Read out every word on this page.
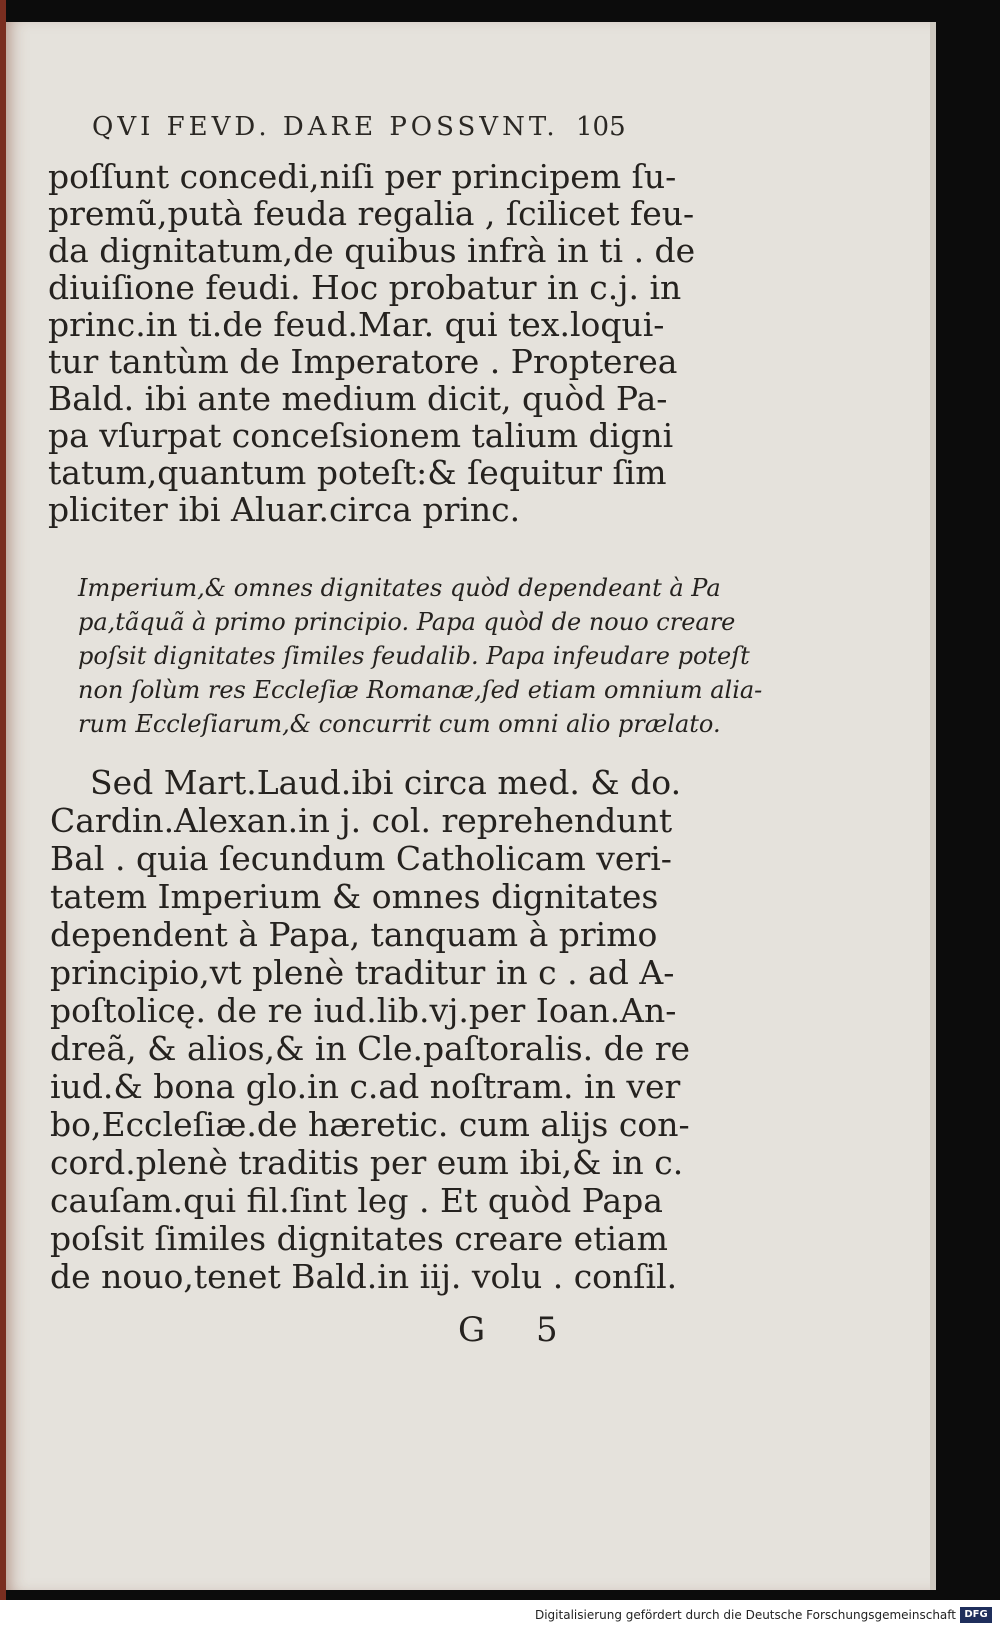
QVI FEVD. DARE POSSVNT. 105
poſſunt concedi,niſi per principem ſu-
premũ,putà feuda regalia , ſcilicet feu-
da dignitatum,de quibus infrà in ti . de
diuiſione feudi. Hoc probatur in c.j. in
princ.in ti.de feud.Mar. qui tex.loqui-
tur tantùm de Imperatore . Propterea
Bald. ibi ante medium dicit, quòd Pa-
pa vſurpat conceſsionem talium digni
tatum,quantum poteſt:& ſequitur ſim
pliciter ibi Aluar.circa princ.
Imperium,& omnes dignitates quòd dependeant à Pa
pa,tãquã à primo principio. Papa quòd de nouo creare
poſsit dignitates ſimiles feudalib. Papa infeudare poteſt
non ſolùm res Eccleſiæ Romanæ,ſed etiam omnium alia-
rum Eccleſiarum,& concurrit cum omni alio prælato.
Sed Mart.Laud.ibi circa med. & do.
Cardin.Alexan.in j. col. reprehendunt
Bal . quia ſecundum Catholicam veri-
tatem Imperium & omnes dignitates
dependent à Papa, tanquam à primo
principio,vt plenè traditur in c . ad A-
poſtolicę. de re iud.lib.vj.per Ioan.An-
dreã, & alios,& in Cle.paſtoralis. de re
iud.& bona glo.in c.ad noſtram. in ver
bo,Eccleſiæ.de hæretic. cum alijs con-
cord.plenè traditis per eum ibi,& in c.
cauſam.qui fil.ſint leg . Et quòd Papa
poſsit ſimiles dignitates creare etiam
de nouo,tenet Bald.in iij. volu . conſil.
G 5
Digitalisierung gefördert durch die Deutsche Forschungsgemeinschaft DFG
